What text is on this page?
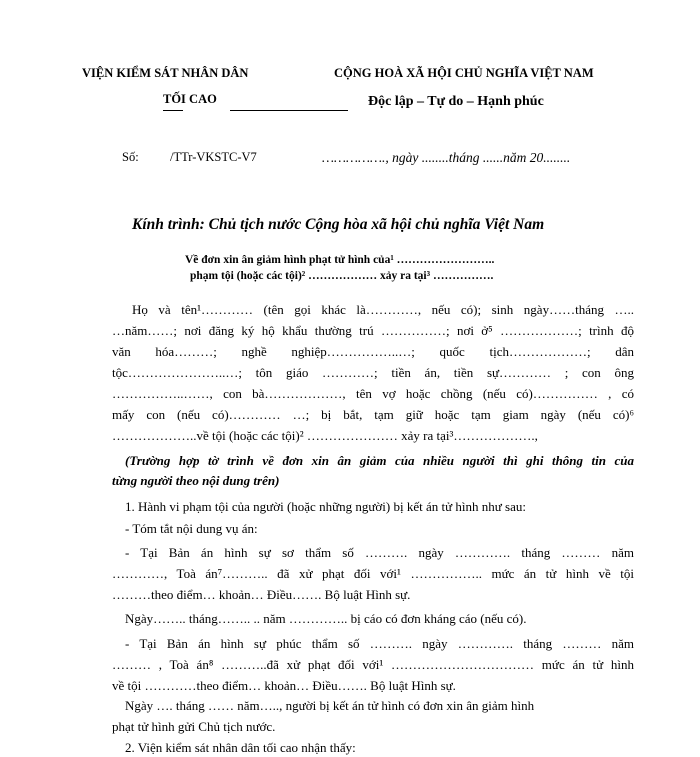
VIỆN KIỂM SÁT NHÂN DÂN
TỐI CAO
CỘNG HOÀ XÃ HỘI CHỦ NGHĨA VIỆT NAM
Độc lập – Tự do – Hạnh phúc
Số:	/TTr-VKSTC-V7	……………., ngày ........tháng ......năm 20........
Kính trình: Chủ tịch nước Cộng hòa xã hội chủ nghĩa Việt Nam
Về đơn xin ân giảm hình phạt tử hình của¹ ……………………..
phạm tội (hoặc các tội)² ……………… xảy ra tại³ …………….
Họ và tên¹………… (tên gọi khác là…………, nếu có); sinh ngày……tháng …..
…năm……; nơi đăng ký hộ khẩu thường trú ……………; nơi ở⁵ ………………; trình độ
văn hóa………; nghề nghiệp……………..…; quốc tịch………………; dân
tộc…………………..…; tôn giáo …………; tiền án, tiền sự………… ; con ông
……………..……, con bà………………, tên vợ hoặc chồng (nếu có)…………… , có
mấy con (nếu có)………… …; bị bắt, tạm giữ hoặc tạm giam ngày (nếu có)⁶
………………..về tội (hoặc các tội)² ………………… xảy ra tại³……………….,
(Trường hợp tờ trình về đơn xin ân giảm của nhiều người thì ghi thông tin của
từng người theo nội dung trên)
1. Hành vi phạm tội của người (hoặc những người) bị kết án tử hình như sau:
- Tóm tắt nội dung vụ án:
- Tại Bản án hình sự sơ thẩm số ………. ngày …………. tháng ……… năm
…………, Toà án⁷……….. đã xử phạt đối với¹ …………….. mức án tử hình về tội
………theo điểm… khoản… Điều……. Bộ luật Hình sự.
Ngày…….. tháng…….. .. năm ………….. bị cáo có đơn kháng cáo (nếu có).
- Tại Bản án hình sự phúc thẩm số ………. ngày …………. tháng ……… năm
……… , Toà án⁸ ………..đã xử phạt đối với¹ …………………………… mức án tử hình
về tội …………theo điểm… khoản… Điều……. Bộ luật Hình sự.
Ngày …. tháng …… năm….., người bị kết án tử hình có đơn xin ân giảm hình
phạt tử hình gửi Chủ tịch nước.
2. Viện kiểm sát nhân dân tối cao nhận thấy:
